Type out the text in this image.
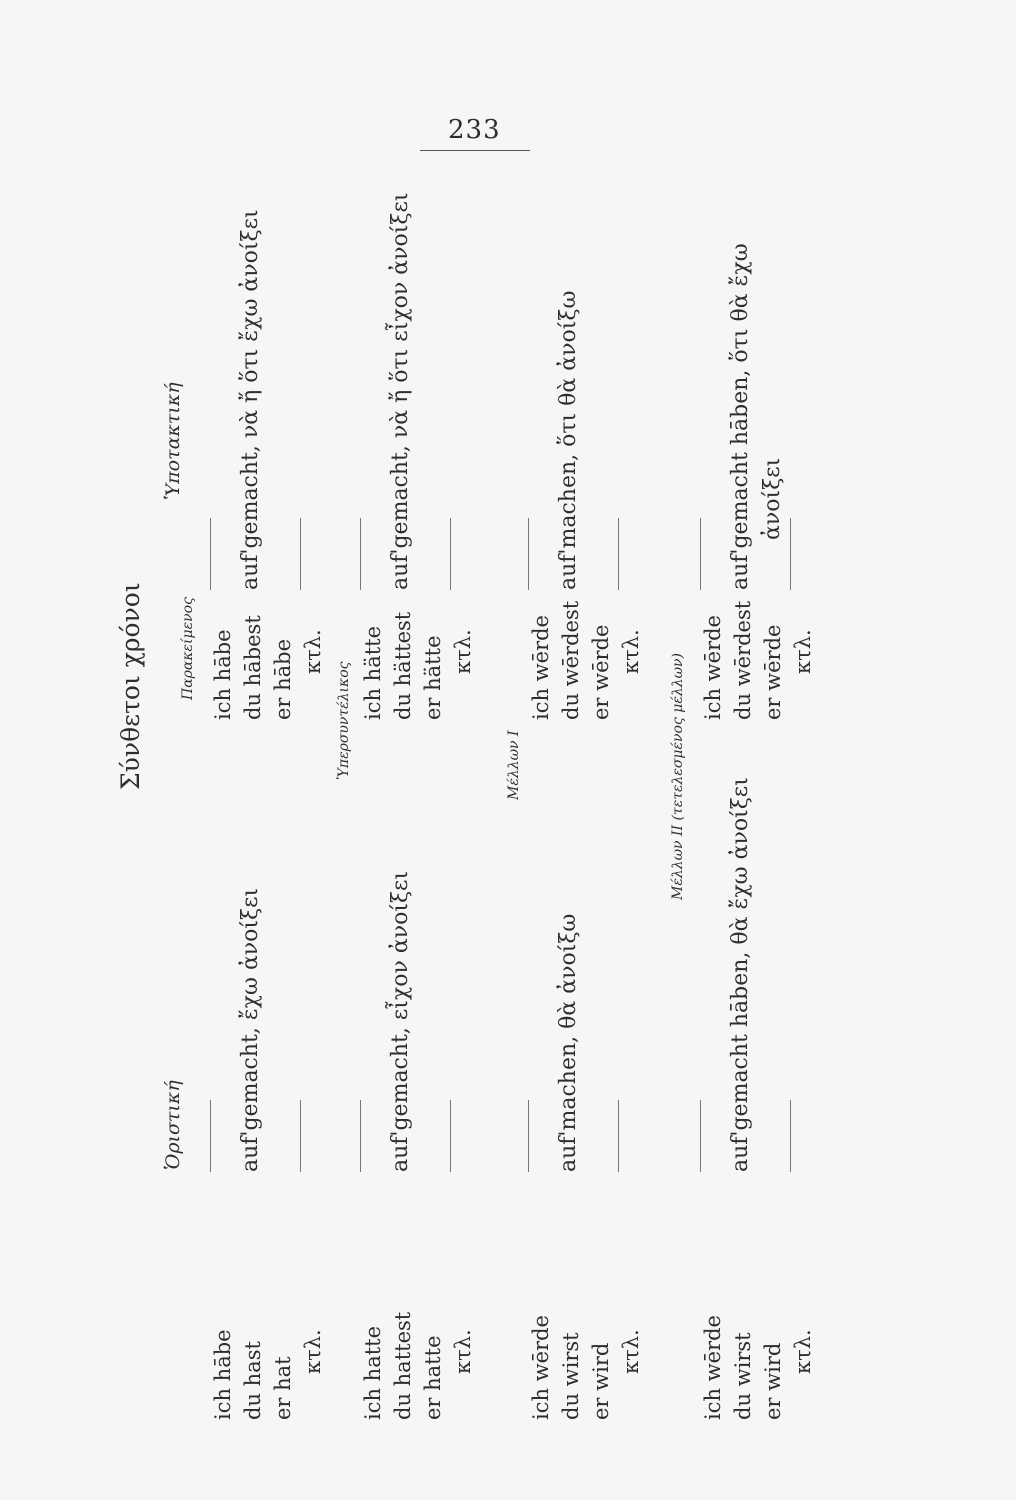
233
Σύνθετοι χρόνοι
Ὁριστική
Ὑποτακτική
Παρακείμενος
Ὑπερσυντέλικος	Μέλλων I	Μέλλων II (τετελεσμένος μέλλων)
ich hābe du hast er hat
κτλ.
auf'gemacht, ἔχω ἀνοίξει
ich hābe du hābest er hābe κτλ.
auf'gemacht, νὰ ἤ ὅτι ἔχω ἀνοίξει
ich hatte du hattest er hatte κτλ.
auf'gemacht, εἶχον ἀνοίξει
ich hätte du hättest er hätte κτλ.
auf'gemacht, νὰ ἤ ὅτι εἶχον ἀνοίξει
ich wērde du wirst er wird κτλ.
auf'machen, θὰ ἀνοίξω
ich wērde du wērdest er wērde κτλ.
auf'machen, ὅτι θὰ ἀνοίξω
ich wērde du wirst er wird κτλ.
auf'gemacht hāben, θὰ ἔχω ἀνοίξει
ich wērde du wērdest er wērde κτλ.
auf'gemacht hāben, ὅτι θὰ ἔχω ἀνοίξει
